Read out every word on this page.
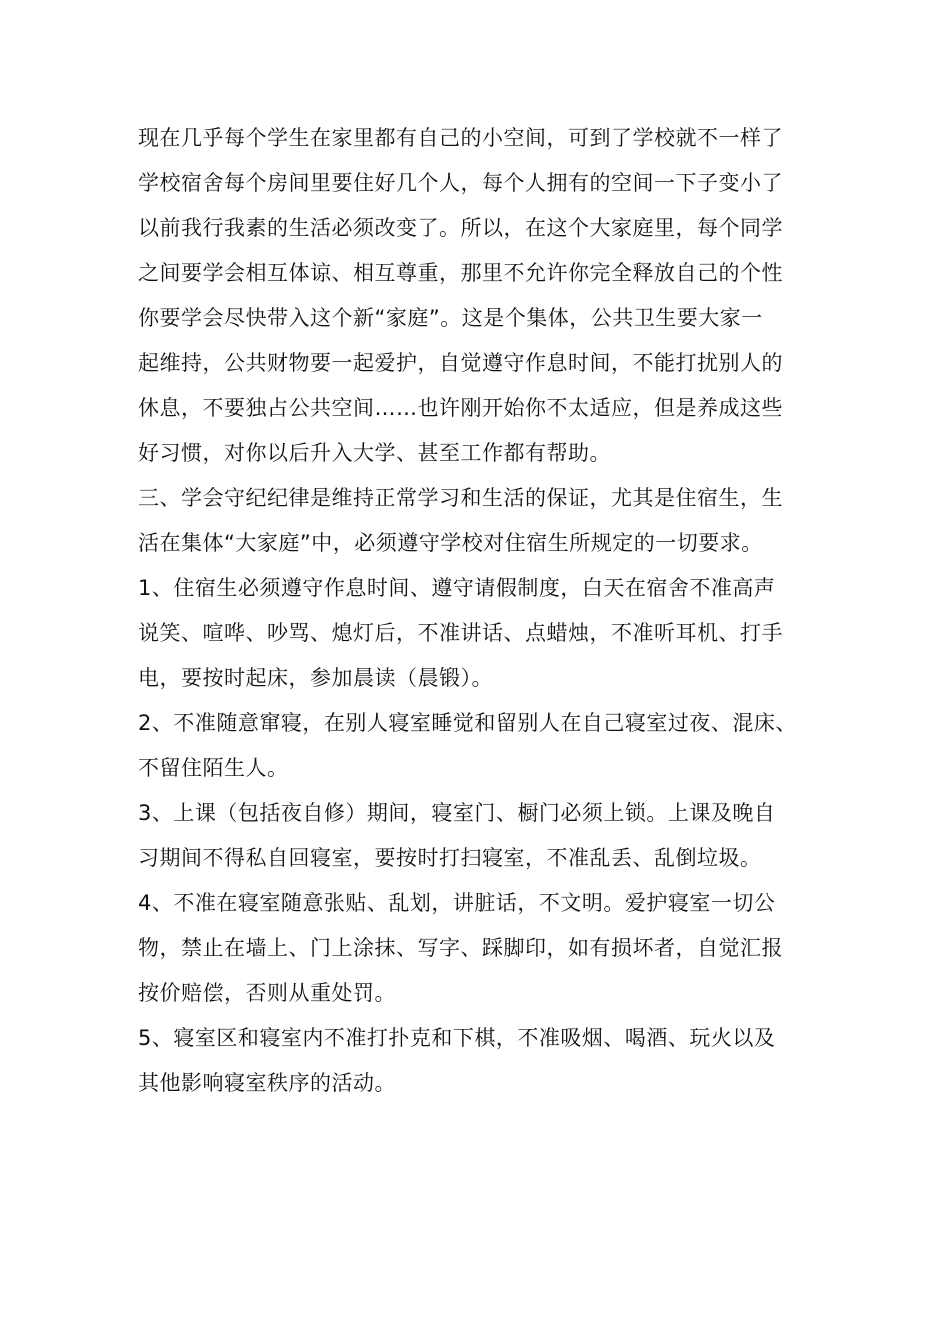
现在几乎每个学生在家里都有自己的小空间，可到了学校就不一样了
学校宿舍每个房间里要住好几个人，每个人拥有的空间一下子变小了
以前我行我素的生活必须改变了。所以，在这个大家庭里，每个同学
之间要学会相互体谅、相互尊重，那里不允许你完全释放自己的个性
你要学会尽快带入这个新“家庭”。这是个集体，公共卫生要大家一
起维持，公共财物要一起爱护，自觉遵守作息时间，不能打扰别人的
休息，不要独占公共空间……也许刚开始你不太适应，但是养成这些
好习惯，对你以后升入大学、甚至工作都有帮助。
三、学会守纪纪律是维持正常学习和生活的保证，尤其是住宿生，生
活在集体“大家庭”中，必须遵守学校对住宿生所规定的一切要求。
1、住宿生必须遵守作息时间、遵守请假制度，白天在宿舍不准高声
说笑、喧哗、吵骂、熄灯后，不准讲话、点蜡烛，不准听耳机、打手
电，要按时起床，参加晨读（晨锻）。
2、不准随意窜寝，在别人寝室睡觉和留别人在自己寝室过夜、混床、
不留住陌生人。
3、上课（包括夜自修）期间，寝室门、橱门必须上锁。上课及晚自
习期间不得私自回寝室，要按时打扫寝室，不准乱丢、乱倒垃圾。
4、不准在寝室随意张贴、乱划，讲脏话，不文明。爱护寝室一切公
物，禁止在墙上、门上涂抹、写字、踩脚印，如有损坏者，自觉汇报
按价赔偿，否则从重处罚。
5、寝室区和寝室内不准打扑克和下棋，不准吸烟、喝酒、玩火以及
其他影响寝室秩序的活动。
